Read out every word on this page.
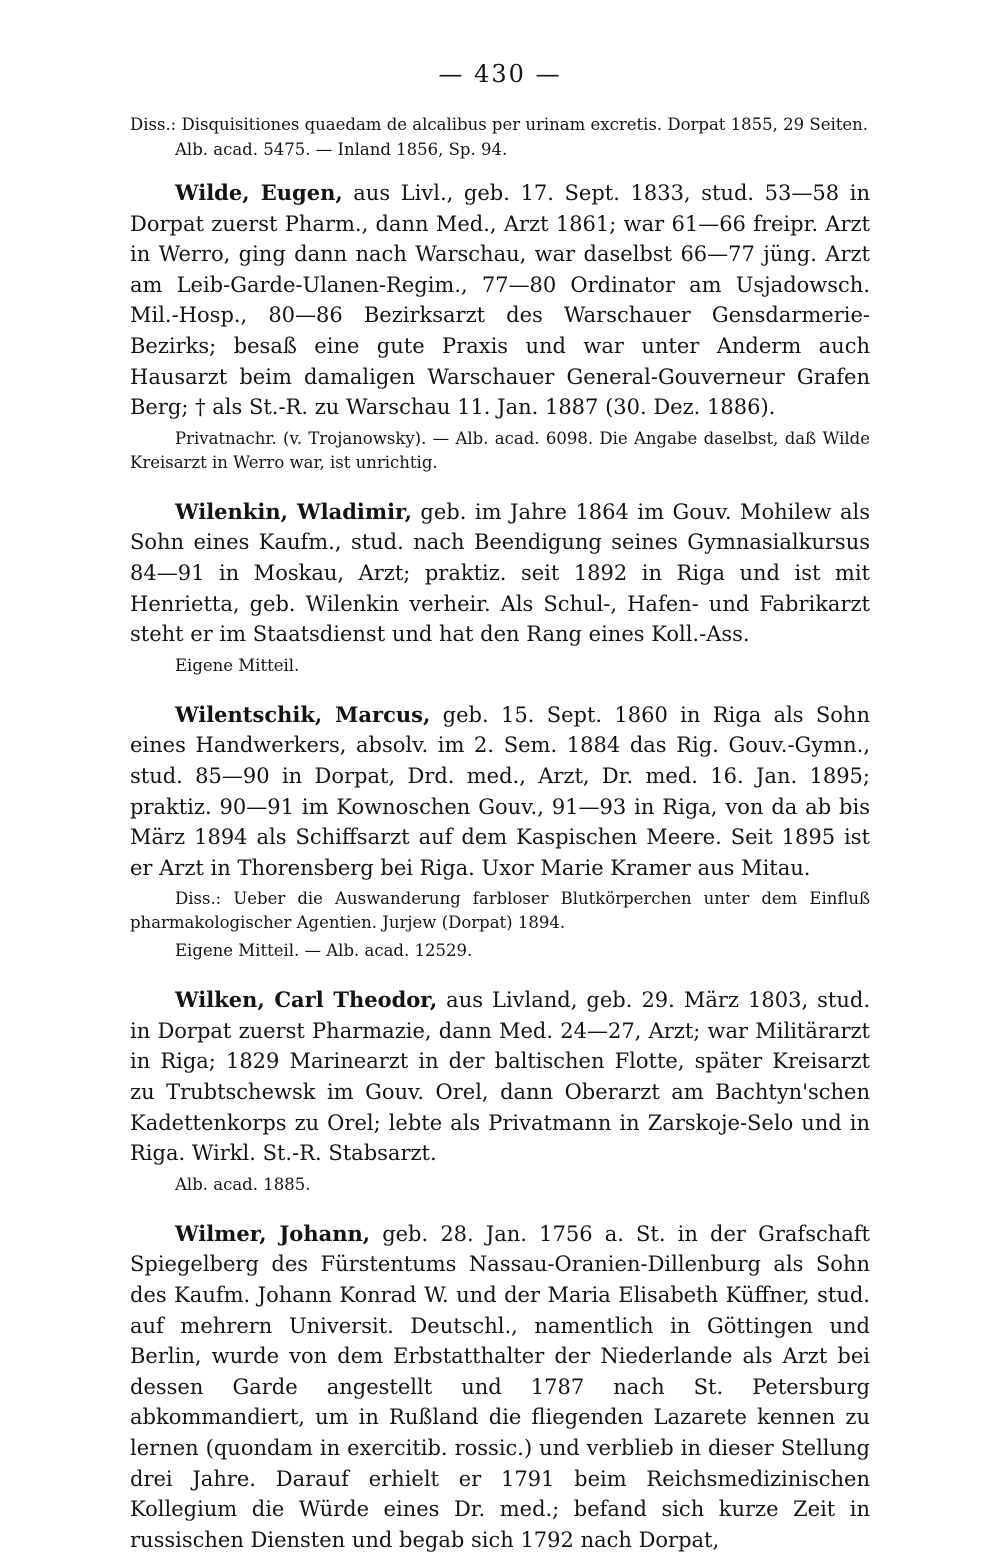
— 430 —

Diss.: Disquisitiones quaedam de alcalibus per urinam excretis. Dorpat 1855, 29 Seiten.

Alb. acad. 5475. — Inland 1856, Sp. 94.

Wilde, Eugen, aus Livl., geb. 17. Sept. 1833, stud. 53—58 in Dorpat zuerst Pharm., dann Med., Arzt 1861; war 61—66 freipr. Arzt in Werro, ging dann nach Warschau, war daselbst 66—77 jüng. Arzt am Leib-Garde-Ulanen-Regim., 77—80 Ordinator am Usjadowsch. Mil.-Hosp., 80—86 Bezirksarzt des Warschauer Gensdarmerie-Bezirks; besaß eine gute Praxis und war unter Anderm auch Hausarzt beim damaligen Warschauer General-Gouverneur Grafen Berg; † als St.-R. zu Warschau 11. Jan. 1887 (30. Dez. 1886).

Privatnachr. (v. Trojanowsky). — Alb. acad. 6098. Die Angabe daselbst, daß Wilde Kreisarzt in Werro war, ist unrichtig.

Wilenkin, Wladimir, geb. im Jahre 1864 im Gouv. Mohilew als Sohn eines Kaufm., stud. nach Beendigung seines Gymnasialkursus 84—91 in Moskau, Arzt; praktiz. seit 1892 in Riga und ist mit Henrietta, geb. Wilenkin verheir. Als Schul-, Hafen- und Fabrikarzt steht er im Staatsdienst und hat den Rang eines Koll.-Ass.

Eigene Mitteil.

Wilentschik, Marcus, geb. 15. Sept. 1860 in Riga als Sohn eines Handwerkers, absolv. im 2. Sem. 1884 das Rig. Gouv.-Gymn., stud. 85—90 in Dorpat, Drd. med., Arzt, Dr. med. 16. Jan. 1895; praktiz. 90—91 im Kownoschen Gouv., 91—93 in Riga, von da ab bis März 1894 als Schiffsarzt auf dem Kaspischen Meere. Seit 1895 ist er Arzt in Thorensberg bei Riga. Uxor Marie Kramer aus Mitau.

Diss.: Ueber die Auswanderung farbloser Blutkörperchen unter dem Einfluß pharmakologischer Agentien. Jurjew (Dorpat) 1894.

Eigene Mitteil. — Alb. acad. 12529.

Wilken, Carl Theodor, aus Livland, geb. 29. März 1803, stud. in Dorpat zuerst Pharmazie, dann Med. 24—27, Arzt; war Militärarzt in Riga; 1829 Marinearzt in der baltischen Flotte, später Kreisarzt zu Trubtschewsk im Gouv. Orel, dann Oberarzt am Bachtyn'schen Kadettenkorps zu Orel; lebte als Privatmann in Zarskoje-Selo und in Riga. Wirkl. St.-R. Stabsarzt.

Alb. acad. 1885.

Wilmer, Johann, geb. 28. Jan. 1756 a. St. in der Grafschaft Spiegelberg des Fürstentums Nassau-Oranien-Dillenburg als Sohn des Kaufm. Johann Konrad W. und der Maria Elisabeth Küffner, stud. auf mehrern Universit. Deutschl., namentlich in Göttingen und Berlin, wurde von dem Erbstatthalter der Niederlande als Arzt bei dessen Garde angestellt und 1787 nach St. Petersburg abkommandiert, um in Rußland die fliegenden Lazarete kennen zu lernen (quondam in exercitib. rossic.) und verblieb in dieser Stellung drei Jahre. Darauf erhielt er 1791 beim Reichsmedizinischen Kollegium die Würde eines Dr. med.; befand sich kurze Zeit in russischen Diensten und begab sich 1792 nach Dorpat,
